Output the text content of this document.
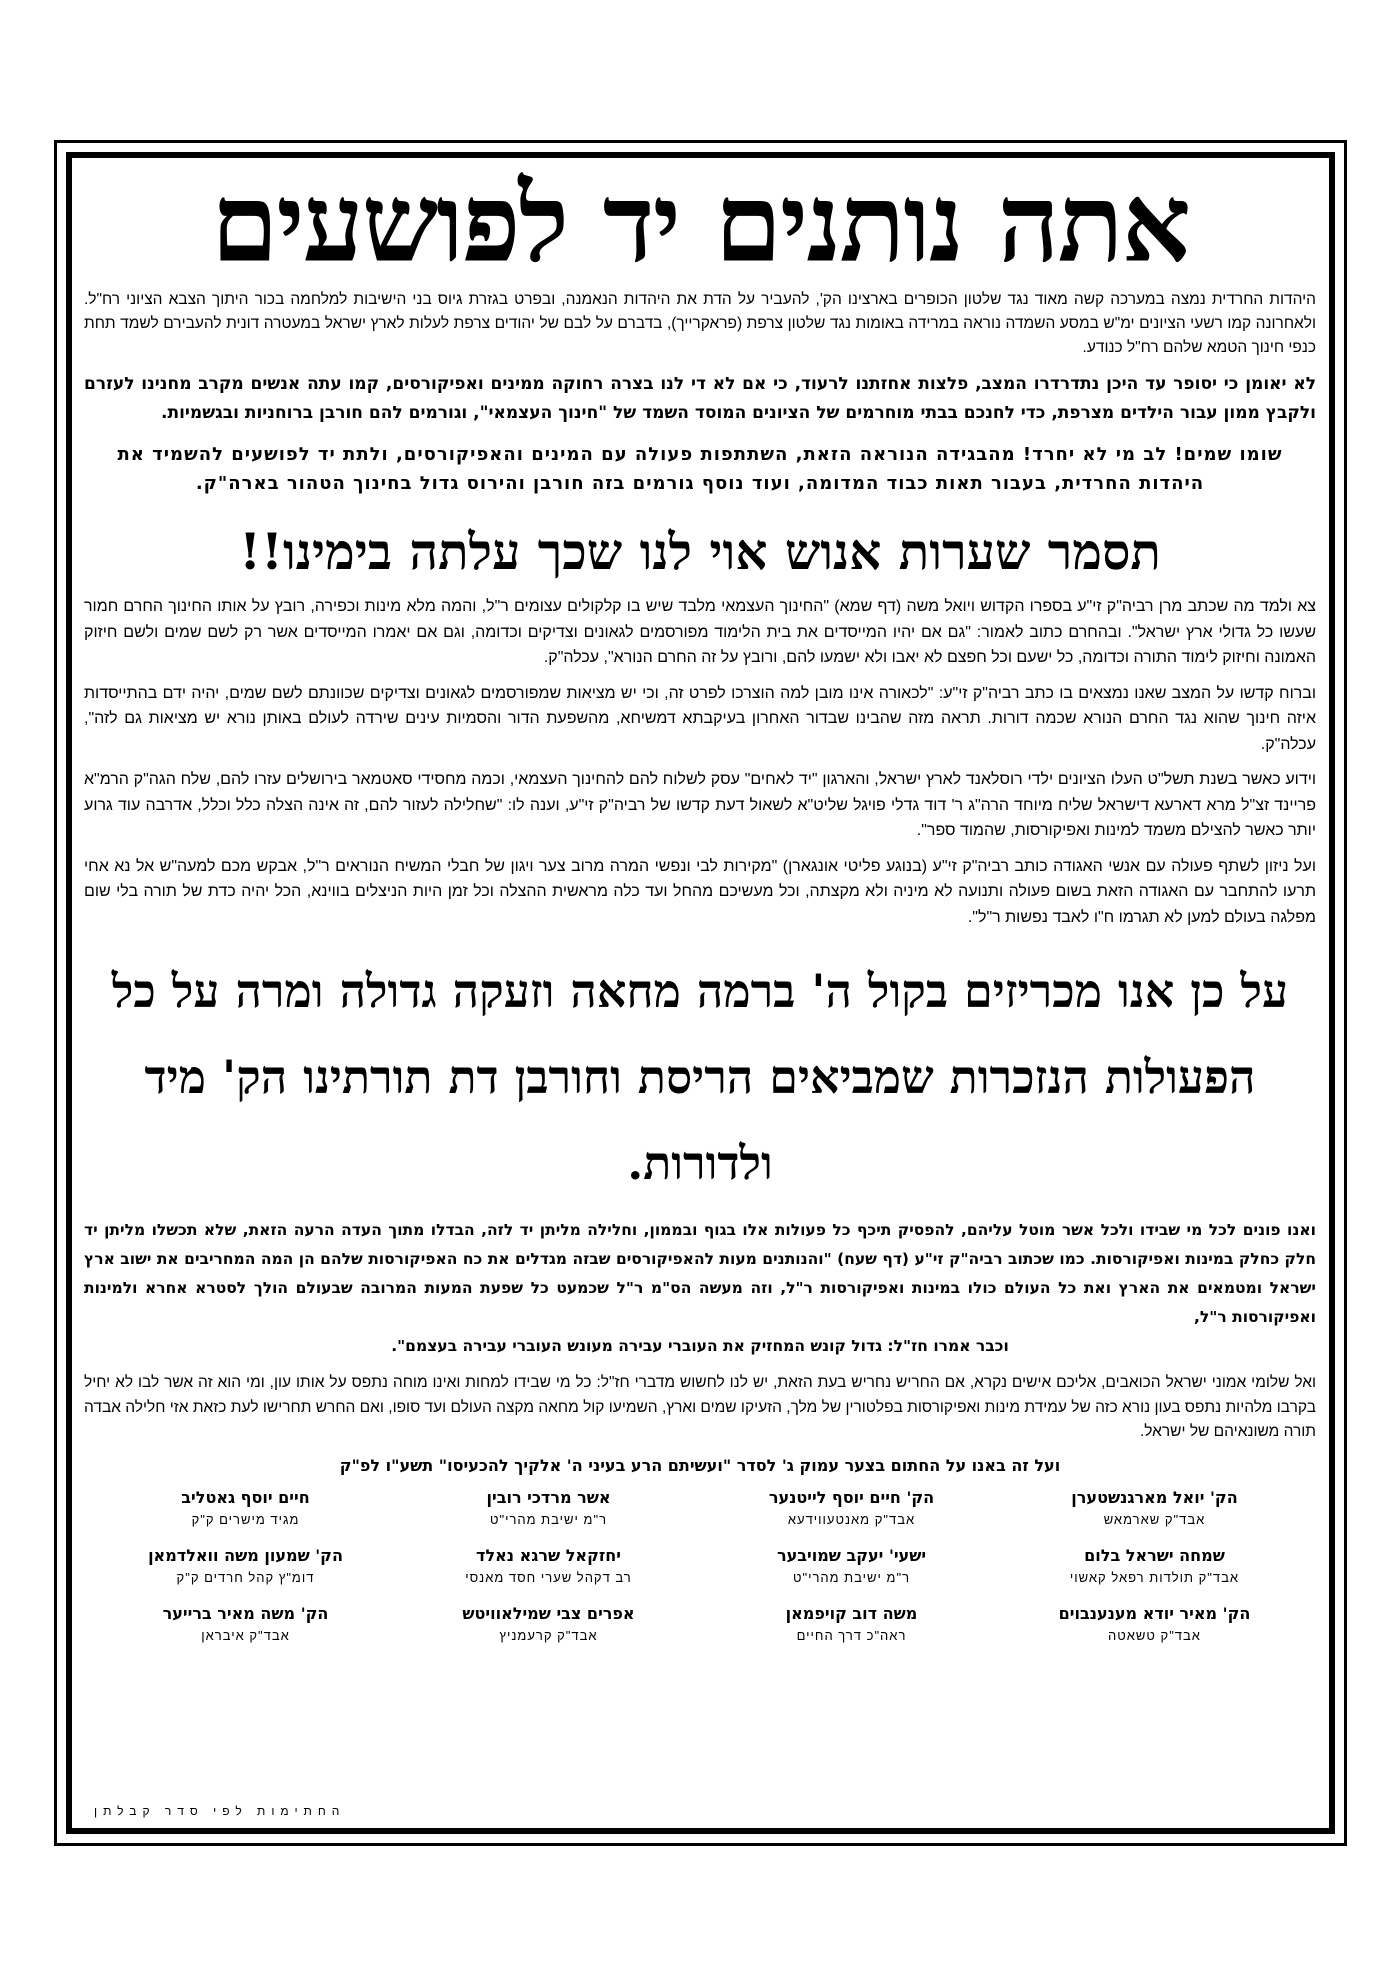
אתה נותנים יד לפושעים

היהדות החרדית נמצה במערכה קשה מאוד נגד שלטון הכופרים בארצינו הק', להעביר על הדת את היהדות הנאמנה, ובפרט בגזרת גיוס בני הישיבות למלחמה בכור היתוך הצבא הציוני רח"ל. ולאחרונה קמו רשעי הציונים ימ"ש במסע השמדה נוראה במרידה באומות נגד שלטון צרפת (פראקרייך), בדברם על לבם של יהודים צרפת לעלות לארץ ישראל במעטרה דונית להעבירם לשמד תחת כנפי חינוך הטמא שלהם רח"ל כנודע.

לא יאומן כי יסופר עד היכן נתדרדרו המצב, פלצות אחזתנו לרעוד, כי אם לא די לנו בצרה רחוקה ממינים ואפיקורסים, קמו עתה אנשים מקרב מחנינו לעזרם ולקבץ ממון עבור הילדים מצרפת, כדי לחנכם בבתי מוחרמים של הציונים המוסד השמד של "חינוך העצמאי", וגורמים להם חורבן ברוחניות ובגשמיות.

שומו שמים! לב מי לא יחרד! מהבגידה הנוראה הזאת, השתתפות פעולה עם המינים והאפיקורסים, ולתת יד לפושעים להשמיד את היהדות החרדית, בעבור תאות כבוד המדומה, ועוד נוסף גורמים בזה חורבן והירוס גדול בחינוך הטהור בארה"ק.

תסמר שערות אנוש אוי לנו שכך עלתה בימינו!!

צא ולמד מה שכתב מרן רביה"ק זי"ע בספרו הקדוש ויואל משה (דף שמא) "החינוך העצמאי מלבד שיש בו קלקולים עצומים ר"ל, והמה מלא מינות וכפירה, רובץ על אותו החינוך החרם חמור שעשו כל גדולי ארץ ישראל". ובהחרם כתוב לאמור: "גם אם יהיו המייסדים את בית הלימוד מפורסמים לגאונים וצדיקים וכדומה, וגם אם יאמרו המייסדים אשר רק לשם שמים ולשם חיזוק האמונה וחיזוק לימוד התורה וכדומה, כל ישעם וכל חפצם לא יאבו ולא ישמעו להם, ורובץ על זה החרם הנורא", עכלה"ק.

וברוח קדשו על המצב שאנו נמצאים בו כתב רביה"ק זי"ע: "לכאורה אינו מובן למה הוצרכו לפרט זה, וכי יש מציאות שמפורסמים לגאונים וצדיקים שכוונתם לשם שמים, יהיה ידם בהתייסדות איזה חינוך שהוא נגד החרם הנורא שכמה דורות. תראה מזה שהבינו שבדור האחרון בעיקבתא דמשיחא, מהשפעת הדור והסמיות עינים שירדה לעולם באותן נורא יש מציאות גם לזה", עכלה"ק.

וידוע כאשר בשנת תשל"ט העלו הציונים ילדי רוסלאנד לארץ ישראל, והארגון "יד לאחים" עסק לשלוח להם להחינוך העצמאי, וכמה מחסידי סאטמאר בירושלים עזרו להם, שלח הגה"ק הרמ"א פריינד זצ"ל מרא דארעא דישראל שליח מיוחד הרה"ג ר' דוד גדלי פויגל שליט"א לשאול דעת קדשו של רביה"ק זי"ע, וענה לו: "שחלילה לעזור להם, זה אינה הצלה כלל וכלל, אדרבה עוד גרוע יותר כאשר להצילם משמד למינות ואפיקורסות, שהמוד ספר".

ועל ניזון לשתף פעולה עם אנשי האגודה כותב רביה"ק זי"ע (בנוגע פליטי אונגארן) "מקירות לבי ונפשי המרה מרוב צער ויגון של חבלי המשיח הנוראים ר"ל, אבקש מכם למעה"ש אל נא אחי תרעו להתחבר עם האגודה הזאת בשום פעולה ותנועה לא מיניה ולא מקצתה, וכל מעשיכם מהחל ועד כלה מראשית ההצלה וכל זמן היות הניצלים בווינא, הכל יהיה כדת של תורה בלי שום מפלגה בעולם למען לא תגרמו ח"ו לאבד נפשות ר"ל".

על כן אנו מכריזים בקול ה' ברמה מחאה וזעקה גדולה ומרה על כל
הפעולות הנזכרות שמביאים הריסת וחורבן דת תורתינו הק' מיד ולדורות.

ואנו פונים לכל מי שבידו ולכל אשר מוטל עליהם, להפסיק תיכף כל פעולות אלו בגוף ובממון, וחלילה מליתן יד לזה, הבדלו מתוך העדה הרעה הזאת, שלא תכשלו מליתן יד חלק כחלק במינות ואפיקורסות. כמו שכתוב רביה"ק זי"ע (דף שעח) "והנותנים מעות להאפיקורסים שבזה מגדלים את כח האפיקורסות שלהם הן המה המחריבים את ישוב ארץ ישראל ומטמאים את הארץ ואת כל העולם כולו במינות ואפיקורסות ר"ל, וזה מעשה הס"מ ר"ל שכמעט כל שפעת המעות המרובה שבעולם הולך לסטרא אחרא ולמינות ואפיקורסות ר"ל,
וכבר אמרו חז"ל: גדול קונש המחזיק את העוברי עבירה מעונש העוברי עבירה בעצמם".

ואל שלומי אמוני ישראל הכואבים, אליכם אישים נקרא, אם החריש נחריש בעת הזאת, יש לנו לחשוש מדברי חז"ל: כל מי שבידו למחות ואינו מוחה נתפס על אותו עון, ומי הוא זה אשר לבו לא יחיל בקרבו מלהיות נתפס בעון נורא כזה של עמידת מינות ואפיקורסות בפלטורין של מלך, הזעיקו שמים וארץ, השמיעו קול מחאה מקצה העולם ועד סופו, ואם החרש תחרישו לעת כזאת אזי חלילה אבדה תורה משונאיהם של ישראל.

ועל זה באנו על החתום בצער עמוק ג' לסדר "ועשיתם הרע בעיני ה' אלקיך להכעיסו" תשע"ו לפ"ק
הק' יואל מארגנשטערן
אבד"ק שארמאש
הק' חיים יוסף לייטנער
אבד"ק מאנטעווידעא
אשר מרדכי רובין
ר"מ ישיבת מהרי"ט
חיים יוסף גאטליב
מגיד מישרים ק"ק
שמחה ישראל בלום
אבד"ק תולדות רפאל קאשוי
ישעי' יעקב שמויבער
ר"מ ישיבת מהרי"ט
יחזקאל שרגא נאלד
רב דקהל שערי חסד מאנסי
הק' שמעון משה וואלדמאן
דומ"ץ קהל חרדים ק"ק
הק' מאיר יודא מענענבוים
אבד"ק טשאטה
משה דוב קויפמאן
ראה"כ דרך החיים
אפרים צבי שמילאוויטש
אבד"ק קרעמניץ
הק' משה מאיר ברייער
אבד"ק איבראן
החתימות לפי סדר קבלתן
